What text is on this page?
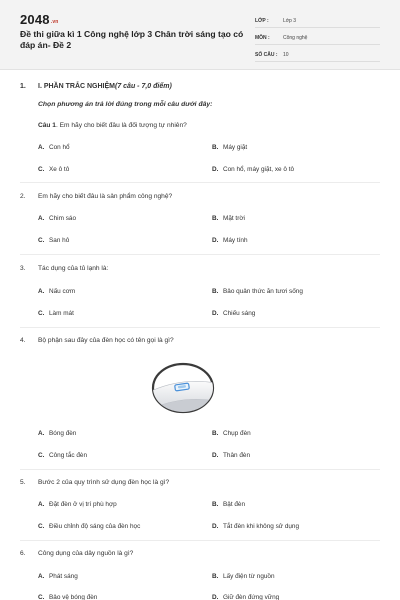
2048.vn
Đề thi giữa kì 1 Công nghệ lớp 3 Chân trời sáng tạo có đáp án- Đề 2
LỚP :	Lớp 3
MÔN :	Công nghệ
SỐ CÂU :	10
1. I. PHẦN TRẮC NGHIỆM(7 câu - 7,0 điểm)
Chọn phương án trả lời đúng trong mỗi câu dưới đây:
Câu 1. Em hãy cho biết đâu là đối tượng tự nhiên?
A. Con hổ	B. Máy giặt
C. Xe ô tô	D. Con hổ, máy giặt, xe ô tô
2. Em hãy cho biết đâu là sản phẩm công nghệ?
A. Chim sáo	B. Mặt trời
C. San hô	D. Máy tính
3. Tác dụng của tủ lạnh là:
A. Nấu cơm	B. Bảo quản thức ăn tươi sống
C. Làm mát	D. Chiếu sáng
4. Bộ phận sau đây của đèn học có tên gọi là gì?
A. Bóng đèn	B. Chụp đèn
C. Công tắc đèn	D. Thân đèn
5. Bước 2 của quy trình sử dụng đèn học là gì?
A. Đặt đèn ở vị trí phù hợp	B. Bật đèn
C. Điều chỉnh độ sáng của đèn học	D. Tắt đèn khi không sử dụng
6. Công dụng của dây nguồn là gì?
A. Phát sáng	B. Lấy điện từ nguồn
C. Bảo vệ bóng đèn	D. Giữ đèn đứng vững
